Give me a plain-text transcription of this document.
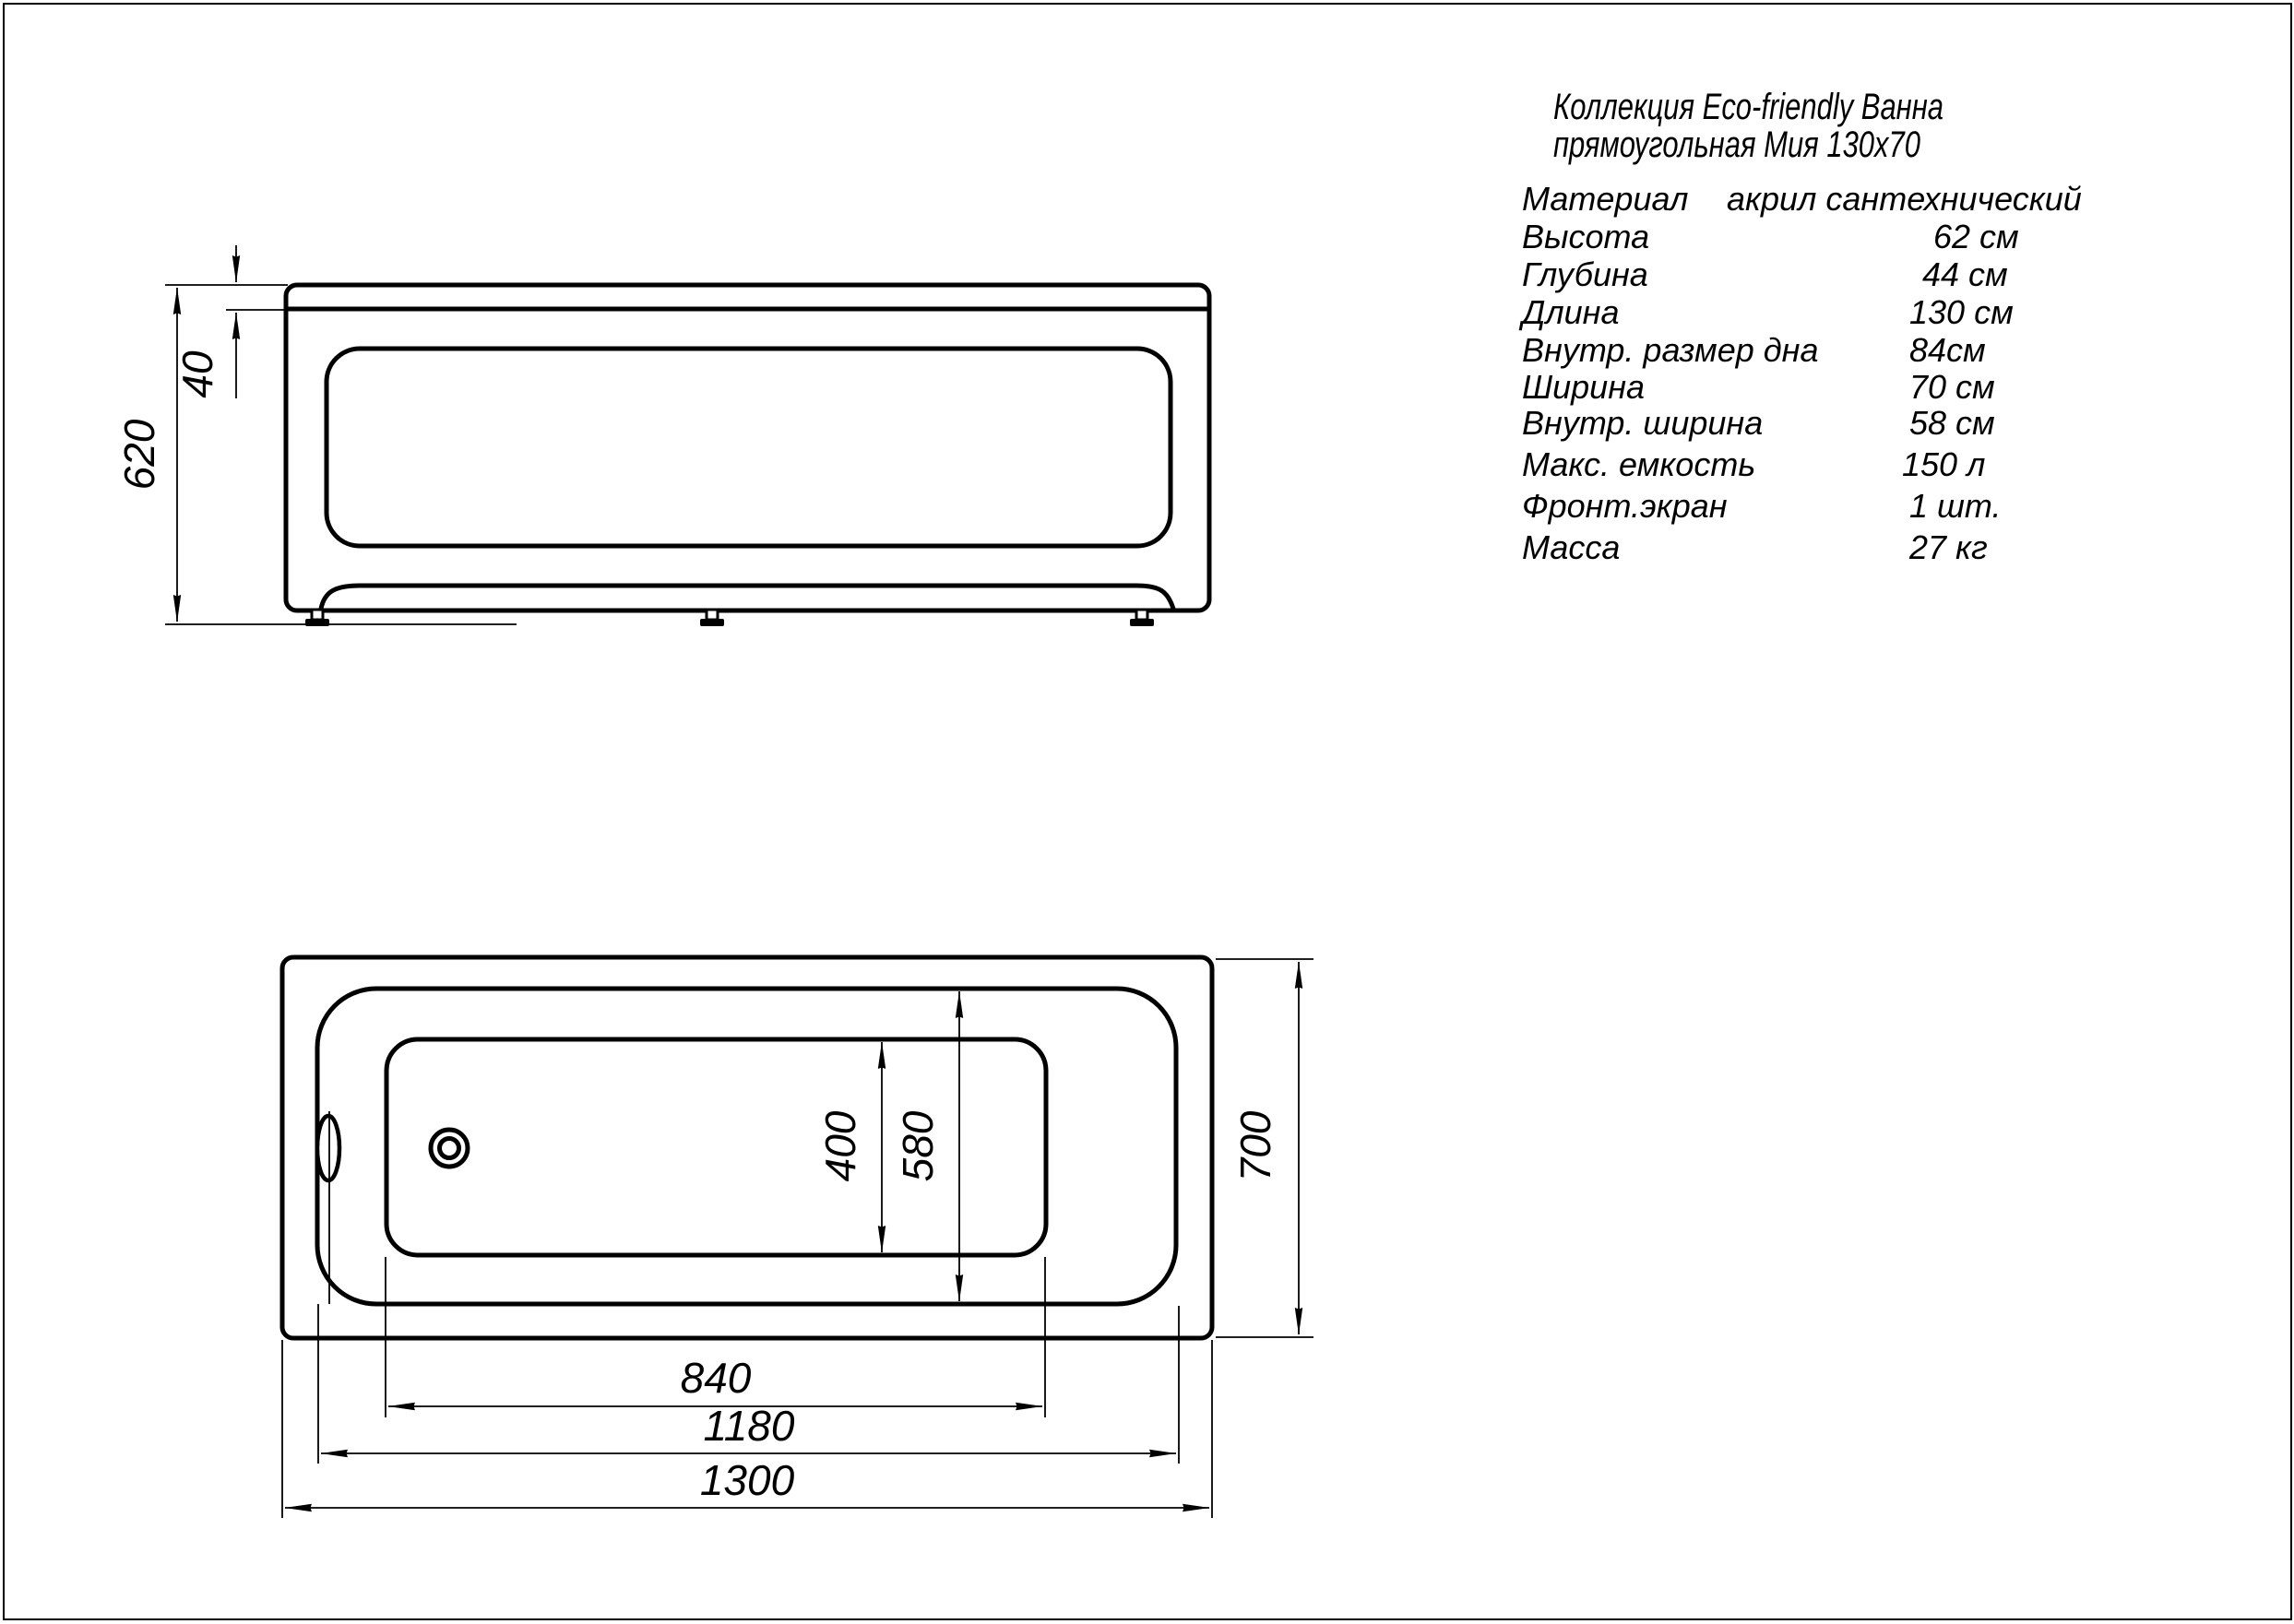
620
40
400 580	700
840
1180
1300
Коллекция Eco-friendly Ванна
прямоугольная Мия 130x70
Материал акрил сантехнический
Высота	62 см
Глубина	44 см
Длина	130 см
Внутр. размер дна	84см
Ширина	70 см
Внутр. ширина	58 см
Макс. емкость	150 л
Фронт.экран	1 шт.
Масса	27 кг
